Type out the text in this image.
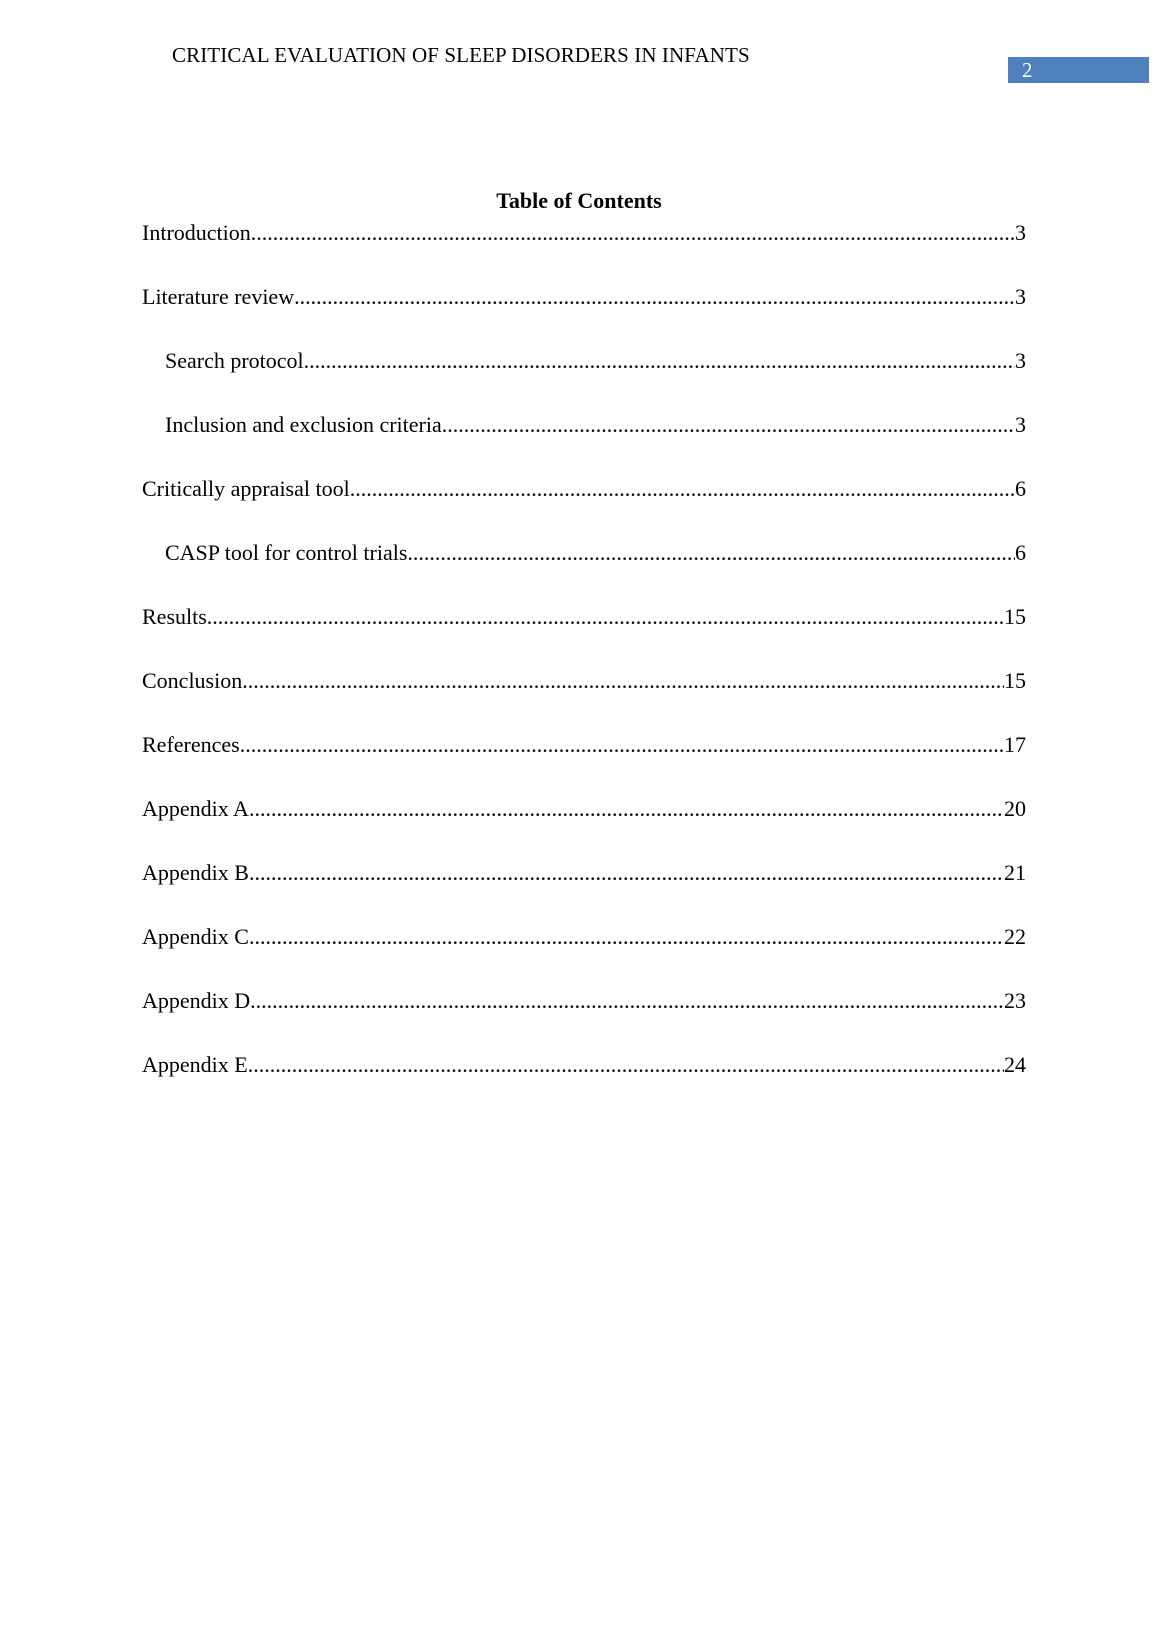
CRITICAL EVALUATION OF SLEEP DISORDERS IN INFANTS
2
Table of Contents
Introduction .....	3
Literature review .....	3
Search protocol .....	3
Inclusion and exclusion criteria .....	3
Critically appraisal tool .....	6
CASP tool for control trials .....	6
Results .....	15
Conclusion .....	15
References .....	17
Appendix A .....	20
Appendix B .....	21
Appendix C .....	22
Appendix D .....	23
Appendix E .....	24
